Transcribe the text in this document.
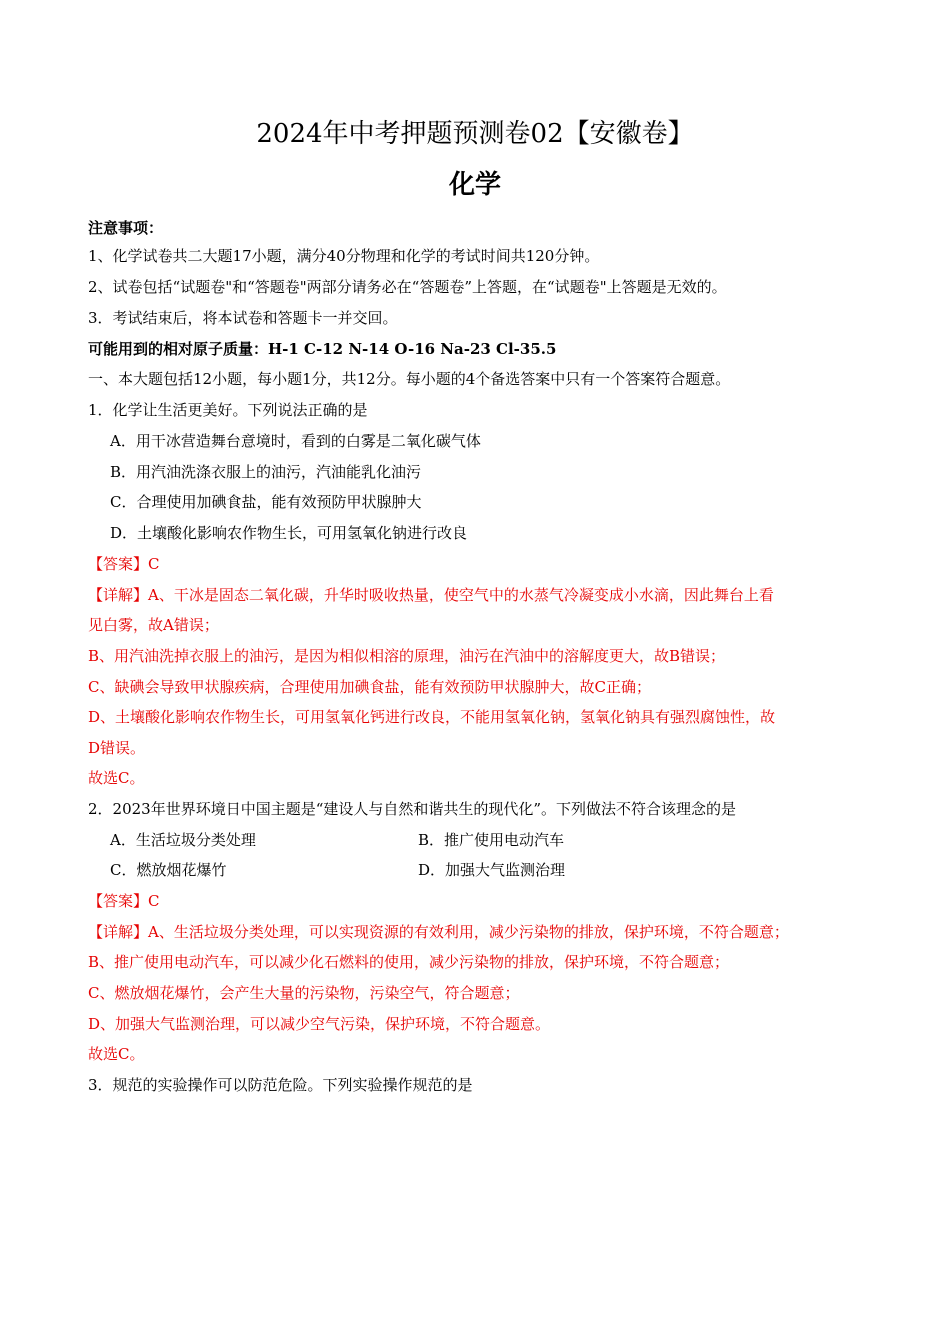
2024年中考押题预测卷02【安徽卷】
化学
注意事项：
1、化学试卷共二大题17小题，满分40分物理和化学的考试时间共120分钟。
2、试卷包括“试题卷"和“答题卷"两部分请务必在“答题卷”上答题，在“试题卷"上答题是无效的。
3．考试结束后，将本试卷和答题卡一并交回。
可能用到的相对原子质量：H-1 C-12 N-14 O-16 Na-23 Cl-35.5
一、本大题包括12小题，每小题1分，共12分。每小题的4个备选答案中只有一个答案符合题意。
1．化学让生活更美好。下列说法正确的是
A．用干冰营造舞台意境时，看到的白雾是二氧化碳气体
B．用汽油洗涤衣服上的油污，汽油能乳化油污
C．合理使用加碘食盐，能有效预防甲状腺肿大
D．土壤酸化影响农作物生长，可用氢氧化钠进行改良
【答案】C
【详解】A、干冰是固态二氧化碳，升华时吸收热量，使空气中的水蒸气冷凝变成小水滴，因此舞台上看
见白雾，故A错误；
B、用汽油洗掉衣服上的油污，是因为相似相溶的原理，油污在汽油中的溶解度更大，故B错误；
C、缺碘会导致甲状腺疾病，合理使用加碘食盐，能有效预防甲状腺肿大，故C正确；
D、土壤酸化影响农作物生长，可用氢氧化钙进行改良，不能用氢氧化钠，氢氧化钠具有强烈腐蚀性，故
D错误。
故选C。
2．2023年世界环境日中国主题是“建设人与自然和谐共生的现代化”。下列做法不符合该理念的是
A．生活垃圾分类处理	B．推广使用电动汽车
C．燃放烟花爆竹	D．加强大气监测治理
【答案】C
【详解】A、生活垃圾分类处理，可以实现资源的有效利用，减少污染物的排放，保护环境，不符合题意；
B、推广使用电动汽车，可以减少化石燃料的使用，减少污染物的排放，保护环境，不符合题意；
C、燃放烟花爆竹，会产生大量的污染物，污染空气，符合题意；
D、加强大气监测治理，可以减少空气污染，保护环境，不符合题意。
故选C。
3．规范的实验操作可以防范危险。下列实验操作规范的是
